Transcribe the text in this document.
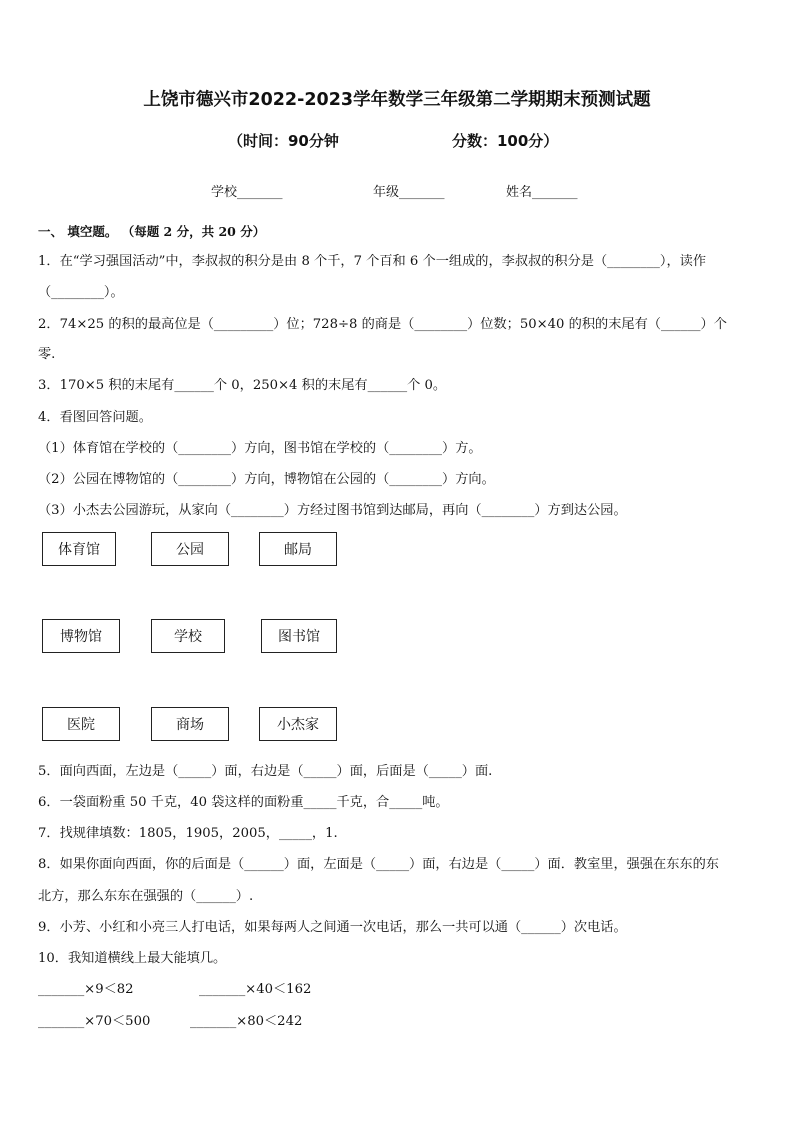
上饶市德兴市2022-2023学年数学三年级第二学期期末预测试题
（时间：90分钟	分数：100分）
学校_______	年级_______	姓名_______
一、 填空题。 （每题 2 分，共 20 分）
1．在“学习强国活动”中，李叔叔的积分是由 8 个千，7 个百和 6 个一组成的，李叔叔的积分是（________），读作
（________）。
2．74×25 的积的最高位是（_________）位；728÷8 的商是（________）位数；50×40 的积的末尾有（______）个
零.
3．170×5 积的末尾有______个 0，250×4 积的末尾有______个 0。
4．看图回答问题。
（1）体育馆在学校的（________）方向，图书馆在学校的（________）方。
（2）公园在博物馆的（________）方向，博物馆在公园的（________）方向。
（3）小杰去公园游玩，从家向（________）方经过图书馆到达邮局，再向（________）方到达公园。
体育馆	公园	邮局
博物馆	学校	图书馆
医院	商场	小杰家
5．面向西面，左边是（_____）面，右边是（_____）面，后面是（_____）面.
6．一袋面粉重 50 千克，40 袋这样的面粉重_____千克，合_____吨。
7．找规律填数：1805，1905，2005，_____，1.
8．如果你面向西面，你的后面是（______）面，左面是（_____）面，右边是（_____）面．教室里，强强在东东的东
北方，那么东东在强强的（______）.
9．小芳、小红和小亮三人打电话，如果每两人之间通一次电话，那么一共可以通（______）次电话。
10．我知道横线上最大能填几。
_______×9＜82	_______×40＜162
_______×70＜500	_______×80＜242
